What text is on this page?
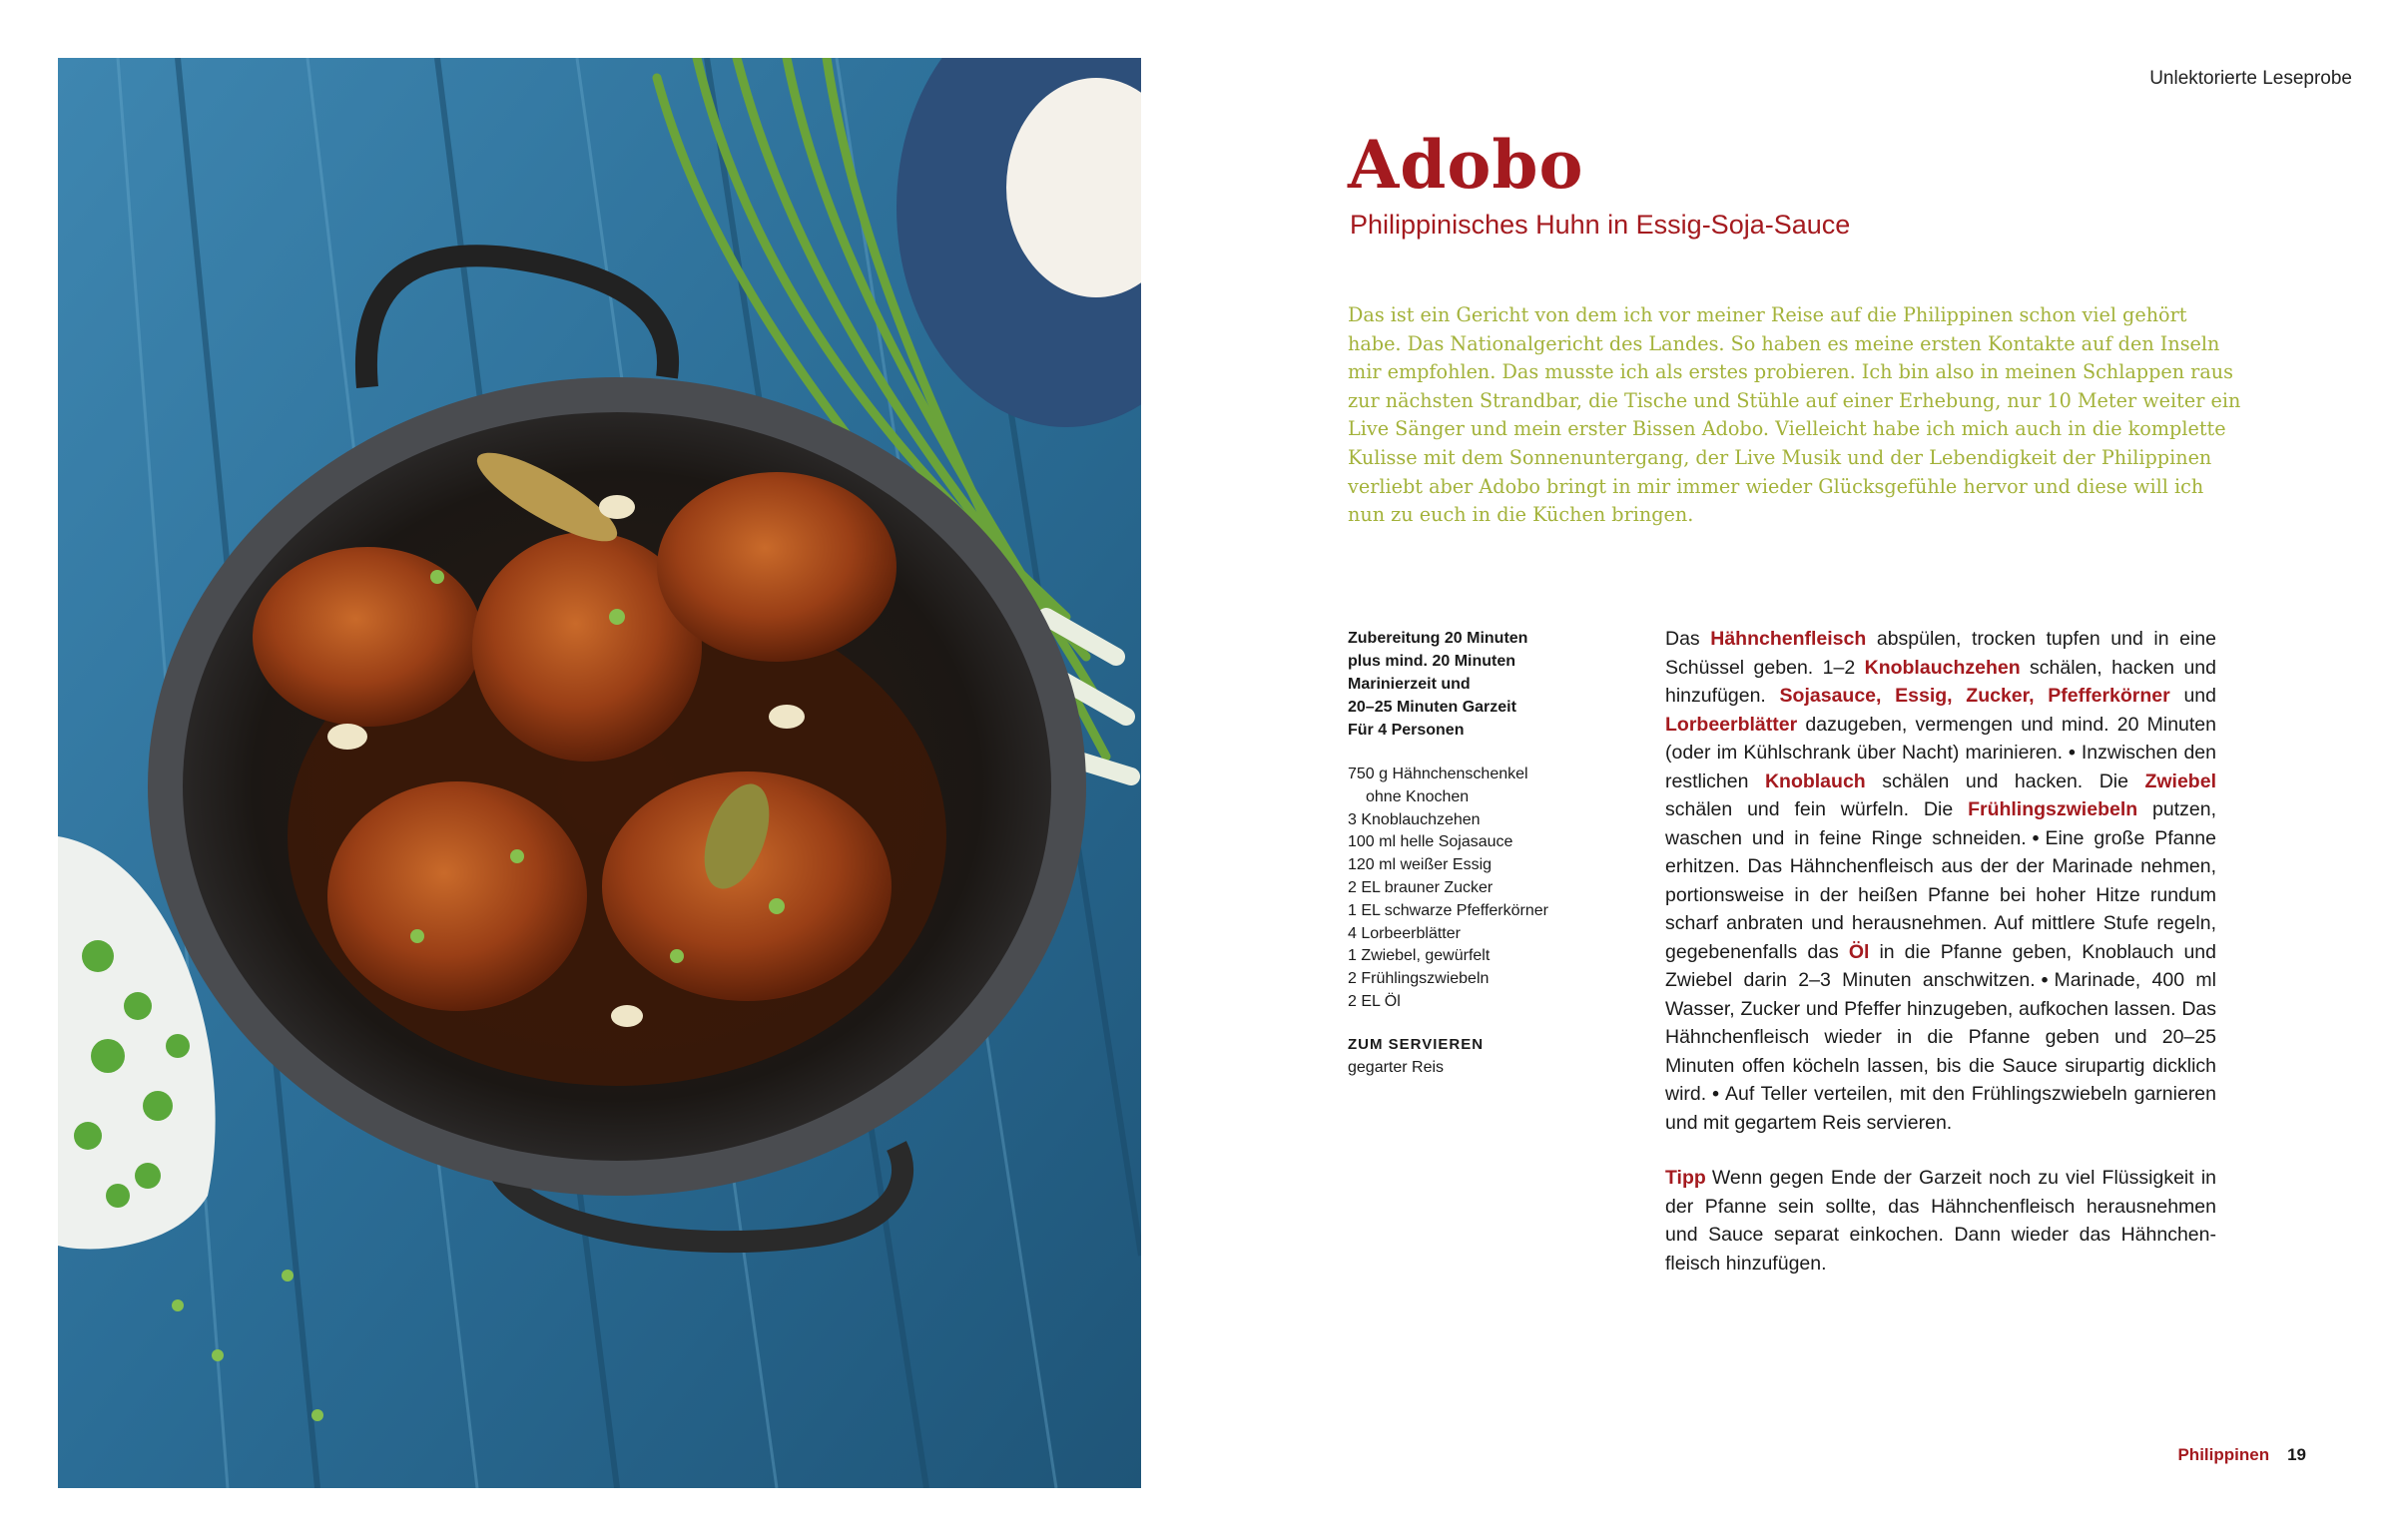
Unlektorierte Leseprobe
Adobo
Philippinisches Huhn in Essig-Soja-Sauce

Das ist ein Gericht von dem ich vor meiner Reise auf die Philippinen schon viel gehört habe. Das Nationalgericht des Landes. So haben es meine ersten Kontakte auf den Inseln mir empfohlen. Das musste ich als erstes probieren. Ich bin also in meinen Schlappen raus zur nächsten Strandbar, die Tische und Stühle auf einer Erhebung, nur 10 Meter weiter ein Live Sänger und mein erster Bissen Adobo. Vielleicht habe ich mich auch in die komplette Kulisse mit dem Sonnenuntergang, der Live Musik und der Lebendigkeit der Philippinen verliebt aber Adobo bringt in mir immer wieder Glücksgefühle hervor und diese will ich nun zu euch in die Küchen bringen.

Zubereitung 20 Minuten
plus mind. 20 Minuten
Marinierzeit und
20–25 Minuten Garzeit
Für 4 Personen
750 g Hähnchenschenkel
ohne Knochen
3 Knoblauchzehen
100 ml helle Sojasauce
120 ml weißer Essig
2 EL brauner Zucker
1 EL schwarze Pfefferkörner
4 Lorbeerblätter
1 Zwiebel, gewürfelt
2 Frühlingszwiebeln
2 EL Öl
ZUM SERVIEREN
gegarter Reis

Das Hähnchenfleisch abspülen, trocken tupfen und in eine Schüssel geben. 1–2 Knoblauchzehen schälen, hacken und hinzufügen. Sojasauce, Essig, Zucker, Pfefferkörner und Lorbeerblätter dazugeben, vermengen und mind. 20 Minuten (oder im Kühlschrank über Nacht) marinieren. • Inzwischen den restlichen Knoblauch schälen und hacken. Die Zwiebel schälen und fein würfeln. Die Frühlingszwiebeln putzen, waschen und in feine Ringe schneiden. • Eine große Pfanne erhitzen. Das Hähnchenfleisch aus der der Marinade nehmen, portionsweise in der heißen Pfanne bei hoher Hitze rundum scharf anbraten und herausnehmen. Auf mittlere Stufe regeln, gegebenenfalls das Öl in die Pfanne geben, Knoblauch und Zwiebel darin 2–3 Minuten anschwitzen. • Marinade, 400 ml Wasser, Zucker und Pfeffer hinzugeben, aufkochen lassen. Das Hähnchenfleisch wieder in die Pfanne geben und 20–25 Minuten offen köcheln lassen, bis die Sauce sirupartig dicklich wird. • Auf Teller verteilen, mit den Frühlingszwiebeln garnieren und mit gegartem Reis servieren.

Tipp Wenn gegen Ende der Garzeit noch zu viel Flüssigkeit in der Pfanne sein sollte, das Hähnchenfleisch herausnehmen und Sauce separat einkochen. Dann wieder das Hähnchenfleisch hinzufügen.

Philippinen 19
